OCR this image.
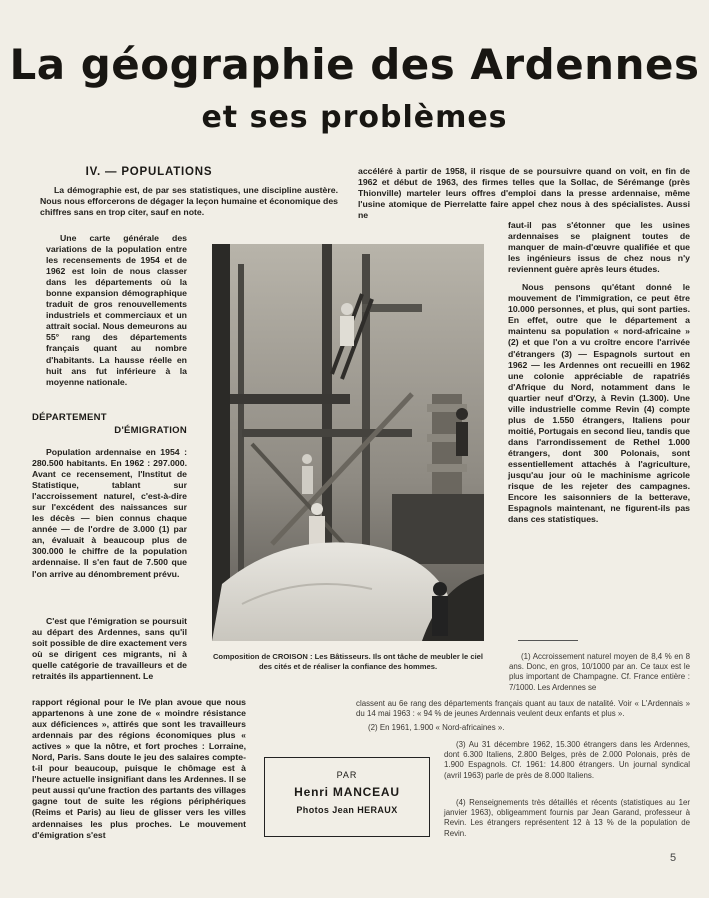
La géographie des Ardennes
et ses problèmes
IV. — POPULATIONS

La démographie est, de par ses statistiques, une discipline austère. Nous nous efforcerons de dégager la leçon humaine et économique des chiffres sans en trop citer, sauf en note.

Une carte générale des variations de la population entre les recensements de 1954 et de 1962 est loin de nous classer dans les départements où la bonne expansion démographique traduit de gros renouvellements industriels et commerciaux et un attrait social. Nous demeurons au 55° rang des départements français quant au nombre d'habitants. La hausse réelle en huit ans fut inférieure à la moyenne nationale.

DÉPARTEMENT
D'ÉMIGRATION

Population ardennaise en 1954 : 280.500 habitants. En 1962 : 297.000. Avant ce recensement, l'Institut de Statistique, tablant sur l'accroissement naturel, c'est-à-dire sur l'excédent des naissances sur les décès — bien connus chaque année — de l'ordre de 3.000 (1) par an, évaluait à beaucoup plus de 300.000 le chiffre de la population ardennaise. Il s'en faut de 7.500 que l'on arrive au dénombrement prévu.

C'est que l'émigration se poursuit au départ des Ardennes, sans qu'il soit possible de dire exactement vers où se dirigent ces migrants, ni à quelle catégorie de travailleurs et de retraités ils appartiennent. Le

rapport régional pour le IVe plan avoue que nous appartenons à une zone de « moindre résistance aux déficiences », attirés que sont les travailleurs ardennais par des régions économiques plus « actives » que la nôtre, et fort proches : Lorraine, Nord, Paris. Sans doute le jeu des salaires compte-t-il pour beaucoup, puisque le chômage est à l'heure actuelle insignifiant dans les Ardennes. Il se peut aussi qu'une fraction des partants des villages gagne tout de suite les régions périphériques (Reims et Paris) au lieu de glisser vers les villes ardennaises les plus proches. Le mouvement d'émigration s'est

accéléré à partir de 1958, il risque de se poursuivre quand on voit, en fin de 1962 et début de 1963, des firmes telles que la Sollac, de Sérémange (près Thionville) marteler leurs offres d'emploi dans la presse ardennaise, même l'usine atomique de Pierrelatte faire appel chez nous à des spécialistes. Aussi ne

faut-il pas s'étonner que les usines ardennaises se plaignent toutes de manquer de main-d'œuvre qualifiée et que les ingénieurs issus de chez nous n'y reviennent guère après leurs études.

Nous pensons qu'étant donné le mouvement de l'immigration, ce peut être 10.000 personnes, et plus, qui sont parties. En effet, outre que le département a maintenu sa population « nord-africaine » (2) et que l'on a vu croître encore l'arrivée d'étrangers (3) — Espagnols surtout en 1962 — les Ardennes ont recueilli en 1962 une colonie appréciable de rapatriés d'Afrique du Nord, notamment dans le quartier neuf d'Orzy, à Revin (1.300). Une ville industrielle comme Revin (4) compte plus de 1.550 étrangers, Italiens pour moitié, Portugais en second lieu, tandis que dans l'arrondissement de Rethel 1.000 étrangers, dont 300 Polonais, sont essentiellement attachés à l'agriculture, jusqu'au jour où le machinisme agricole risque de les rejeter des campagnes. Encore les saisonniers de la betterave, Espagnols maintenant, ne figurent-ils pas dans ces statistiques.

Composition de CROISON : Les Bâtisseurs. Ils ont tâche de meubler le ciel des cités et de réaliser la confiance des hommes.

(1) Accroissement naturel moyen de 8,4 % en 8 ans. Donc, en gros, 10/1000 par an. Ce taux est le plus important de Champagne. Cf. France entière : 7/1000. Les Ardennes se

classent au 6e rang des départements français quant au taux de natalité. Voir « L'Ardennais » du 14 mai 1963 : « 94 % de jeunes Ardennais veulent deux enfants et plus ».

(2) En 1961, 1.900 « Nord-africaines ».

(3) Au 31 décembre 1962, 15.300 étrangers dans les Ardennes, dont 6.300 Italiens, 2.800 Belges, près de 2.000 Polonais, près de 1.900 Espagnols. Cf. 1961: 14.800 étrangers. Un journal syndical (avril 1963) parle de près de 8.000 Italiens.

(4) Renseignements très détaillés et récents (statistiques au 1er janvier 1963), obligeamment fournis par Jean Garand, professeur à Revin. Les étrangers représentent 12 à 13 % de la population de Revin.

PAR
Henri MANCEAU
Photos Jean HERAUX
5
